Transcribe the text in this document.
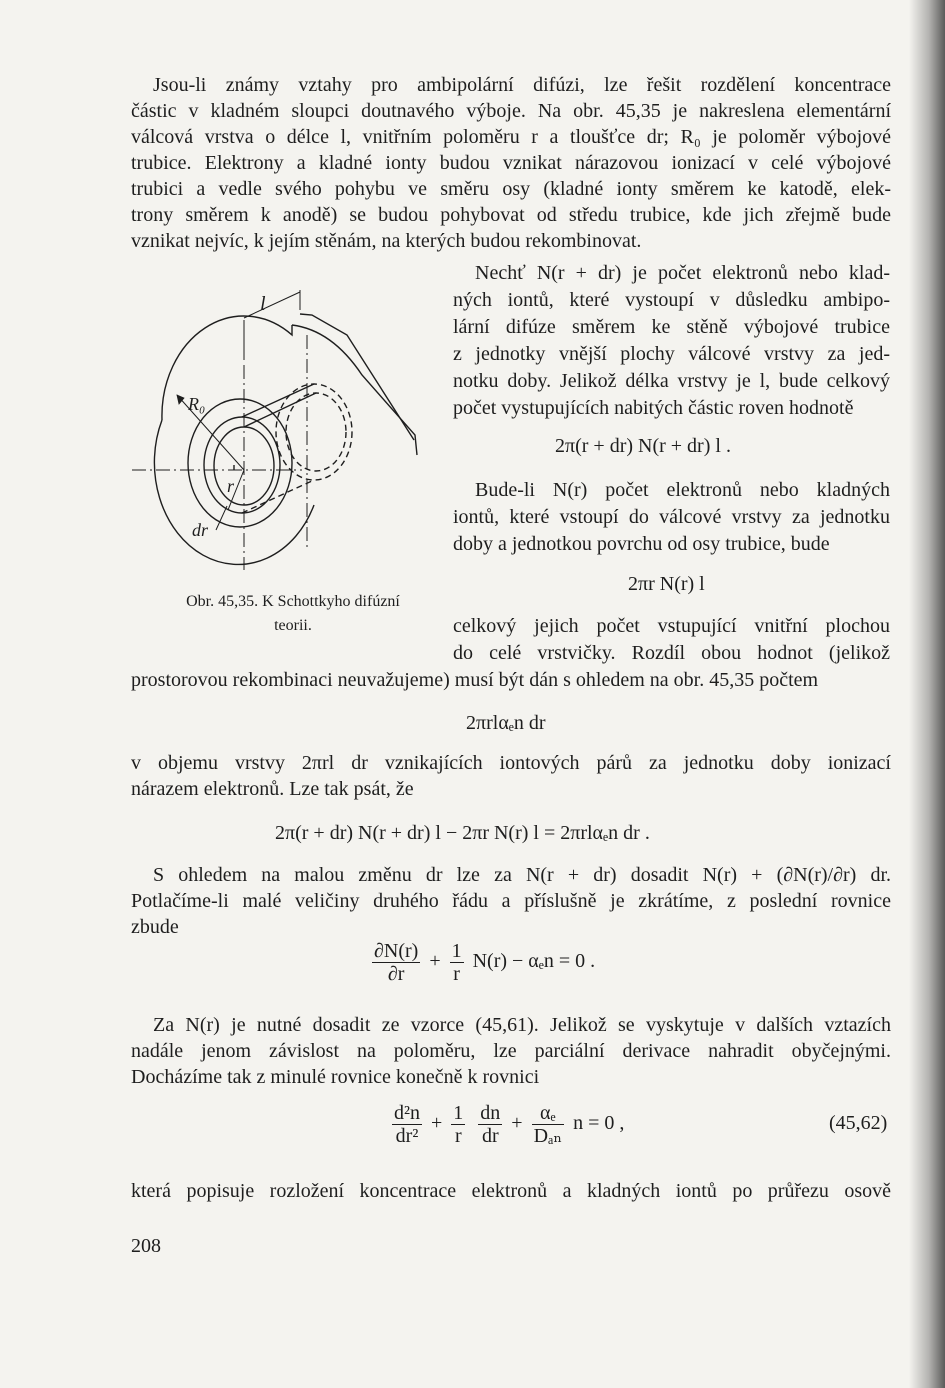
Jsou-li známy vztahy pro ambipolární difúzi, lze řešit rozdělení koncentrace

částic v kladném sloupci doutnavého výboje. Na obr. 45,35 je nakreslena elementární

válcová vrstva o délce l, vnitřním poloměru r a tloušťce dr; R₀ je poloměr výbojové

trubice. Elektrony a kladné ionty budou vznikat nárazovou ionizací v celé výbojové

trubici a vedle svého pohybu ve směru osy (kladné ionty směrem ke katodě, elek-

trony směrem k anodě) se budou pohybovat od středu trubice, kde jich zřejmě bude

vznikat nejvíc, k jejím stěnám, na kterých budou rekombinovat.

l
R₀
r
dr
Obr. 45,35. K Schottkyho difúzní
teorii.

Nechť N(r + dr) je počet elektronů nebo klad-

ných iontů, které vystoupí v důsledku ambipo-

lární difúze směrem ke stěně výbojové trubice

z jednotky vnější plochy válcové vrstvy za jed-

notku doby. Jelikož délka vrstvy je l, bude celkový

počet vystupujících nabitých částic roven hodnotě

2π(r + dr) N(r + dr) l .

Bude-li N(r) počet elektronů nebo kladných

iontů, které vstoupí do válcové vrstvy za jednotku

doby a jednotkou povrchu od osy trubice, bude

2πr N(r) l

celkový jejich počet vstupující vnitřní plochou

do celé vrstvičky. Rozdíl obou hodnot (jelikož

prostorovou rekombinaci neuvažujeme) musí být dán s ohledem na obr. 45,35 počtem

2πrlαₑn dr

v objemu vrstvy 2πrl dr vznikajících iontových párů za jednotku doby ionizací

nárazem elektronů. Lze tak psát, že

2π(r + dr) N(r + dr) l − 2πr N(r) l = 2πrlαₑn dr .

S ohledem na malou změnu dr lze za N(r + dr) dosadit N(r) + (∂N(r)/∂r) dr.

Potlačíme-li malé veličiny druhého řádu a příslušně je zkrátíme, z poslední rovnice

zbude

$\frac{\partial N(r)}{\partial r} + \frac{1}{r} N(r) - \alpha_en = 0$ .

Za N(r) je nutné dosadit ze vzorce (45,61). Jelikož se vyskytuje v dalších vztazích

nadále jenom závislost na poloměru, lze parciální derivace nahradit obyčejnými.

Docházíme tak z minulé rovnice konečně k rovnici

$\frac{\text{d²n}}{\text{dr²}} + \frac{1}{r}$
$\frac{dn}{dr} + \frac{\text{αₑ}}{\text{Dₐₙ}}$ n = 0 ,	(45,62)

která popisuje rozložení koncentrace elektronů a kladných iontů po průřezu osově

208
